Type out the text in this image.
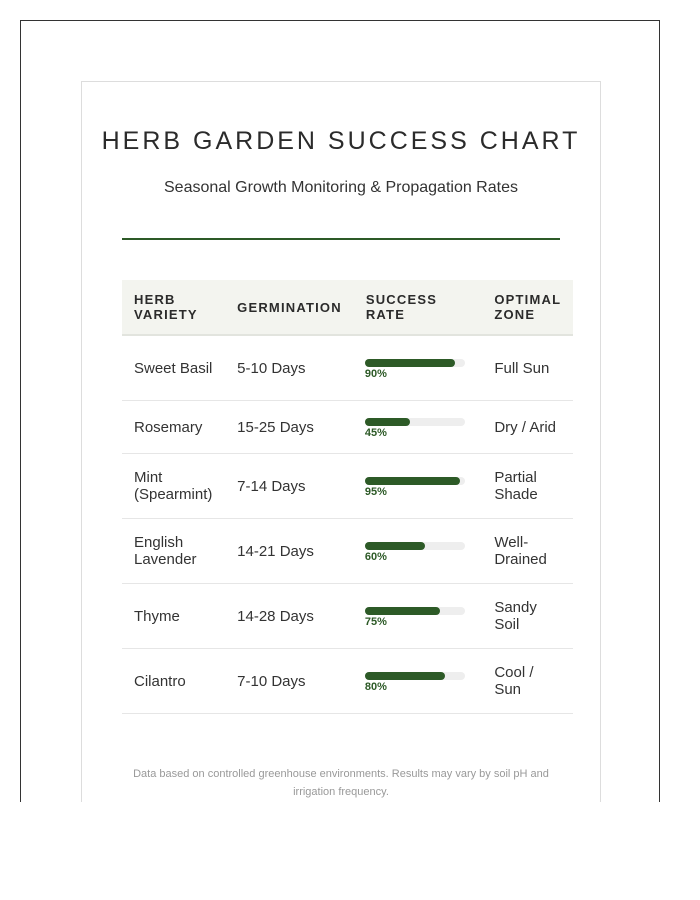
HERB GARDEN SUCCESS CHART

Seasonal Growth Monitoring & Propagation Rates

HERB VARIETY	GERMINATION	SUCCESS RATE	OPTIMAL ZONE
Sweet Basil	5-10 Days	90%	Full Sun
Rosemary	15-25 Days	45%	Dry / Arid
Mint (Spearmint)	7-14 Days	95%	Partial Shade
English Lavender	14-21 Days	60%	Well-Drained
Thyme	14-28 Days	75%	Sandy Soil
Cilantro	7-10 Days	80%	Cool / Sun

Data based on controlled greenhouse environments. Results may vary by soil pH and irrigation frequency.
